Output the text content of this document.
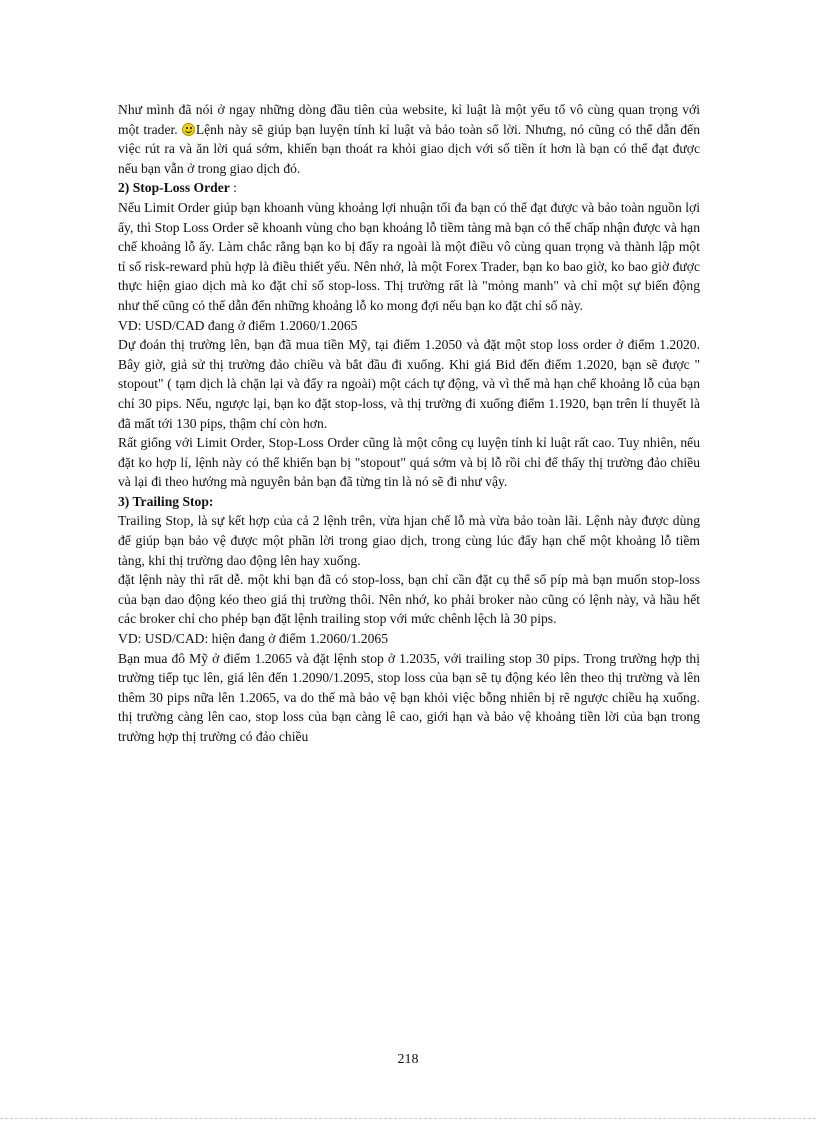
Như mình đã nói ở ngay những dòng đầu tiên của website, kỉ luật là một yếu tố vô cùng quan trọng với một trader. Lệnh này sẽ giúp bạn luyện tính kỉ luật và bảo toàn số lời. Nhưng, nó cũng có thể dẫn đến việc rút ra và ăn lời quá sớm, khiến bạn thoát ra khỏi giao dịch với số tiền ít hơn là bạn có thể đạt được nếu bạn vẫn ở trong giao dịch đó.

2) Stop-Loss Order :

Nếu Limit Order giúp bạn khoanh vùng khoảng lợi nhuận tối đa bạn có thể đạt được và bảo toàn nguồn lợi ấy, thì Stop Loss Order sẽ khoanh vùng cho bạn khoảng lỗ tiềm tàng mà bạn có thể chấp nhận được và hạn chế khoảng lỗ ấy. Làm chắc rằng bạn ko bị đẩy ra ngoài là một điều vô cùng quan trọng và thành lập một tỉ số risk-reward phù hợp là điều thiết yếu. Nên nhớ, là một Forex Trader, bạn ko bao giờ, ko bao giờ được thực hiện giao dịch mà ko đặt chỉ số stop-loss. Thị trường rất là "mỏng manh" và chỉ một sự biến động như thế cũng có thể dẫn đến những khoảng lỗ ko mong đợi nếu bạn ko đặt chỉ số này.

VD: USD/CAD đang ở điểm 1.2060/1.2065

Dự đoán thị trường lên, bạn đã mua tiền Mỹ, tại điểm 1.2050 và đặt một stop loss order ở điểm 1.2020. Bây giờ, giả sử thị trường đảo chiều và bắt đầu đi xuống. Khi giá Bid đến điểm 1.2020, bạn sẽ được " stopout" ( tạm dịch là chặn lại và đẩy ra ngoài) một cách tự động, và vì thế mà hạn chế khoảng lỗ của bạn chỉ 30 pips. Nếu, ngược lại, bạn ko đặt stop-loss, và thị trường đi xuống điểm 1.1920, bạn trên lí thuyết là đã mất tới 130 pips, thậm chí còn hơn.

Rất giống với Limit Order, Stop-Loss Order cũng là một công cụ luyện tính kỉ luật rất cao. Tuy nhiên, nếu đặt ko hợp lí, lệnh này có thể khiến bạn bị "stopout" quá sớm và bị lỗ rồi chỉ để thấy thị trường đảo chiều và lại đi theo hướng mà nguyên bản bạn đã từng tin là nó sẽ đi như vậy.

3) Trailing Stop:

Trailing Stop, là sự kết hợp của cả 2 lệnh trên, vừa hjan chế lỗ mà vừa bảo toàn lãi. Lệnh này được dùng để giúp bạn bảo vệ được một phần lời trong giao dịch, trong cùng lúc đẩy hạn chế một khoảng lỗ tiềm tàng, khi thị trường dao động lên hay xuống.

đặt lệnh này thì rất dễ. một khi bạn đã có stop-loss, bạn chỉ cần đặt cụ thể số píp mà bạn muốn stop-loss của bạn dao động kéo theo giá thị trường thôi. Nên nhớ, ko phải broker nào cũng có lệnh này, và hầu hết các broker chỉ cho phép bạn đặt lệnh trailing stop với mức chênh lệch là 30 pips.

VD: USD/CAD: hiện đang ở điểm 1.2060/1.2065

Bạn mua đô Mỹ ở điểm 1.2065 và đặt lệnh stop ở 1.2035, với trailing stop 30 pips. Trong trường hợp thị trường tiếp tục lên, giá lên đến 1.2090/1.2095, stop loss của bạn sẽ tụ động kéo lên theo thị trường và lên thêm 30 pips nữa lên 1.2065, va do thế mà bảo vệ bạn khỏi việc bỗng nhiên bị rẽ ngược chiều hạ xuống. thị trường càng lên cao, stop loss của bạn càng lê cao, giới hạn và bảo vệ khoảng tiền lời của bạn trong trường hợp thị trường có đảo chiều

218
